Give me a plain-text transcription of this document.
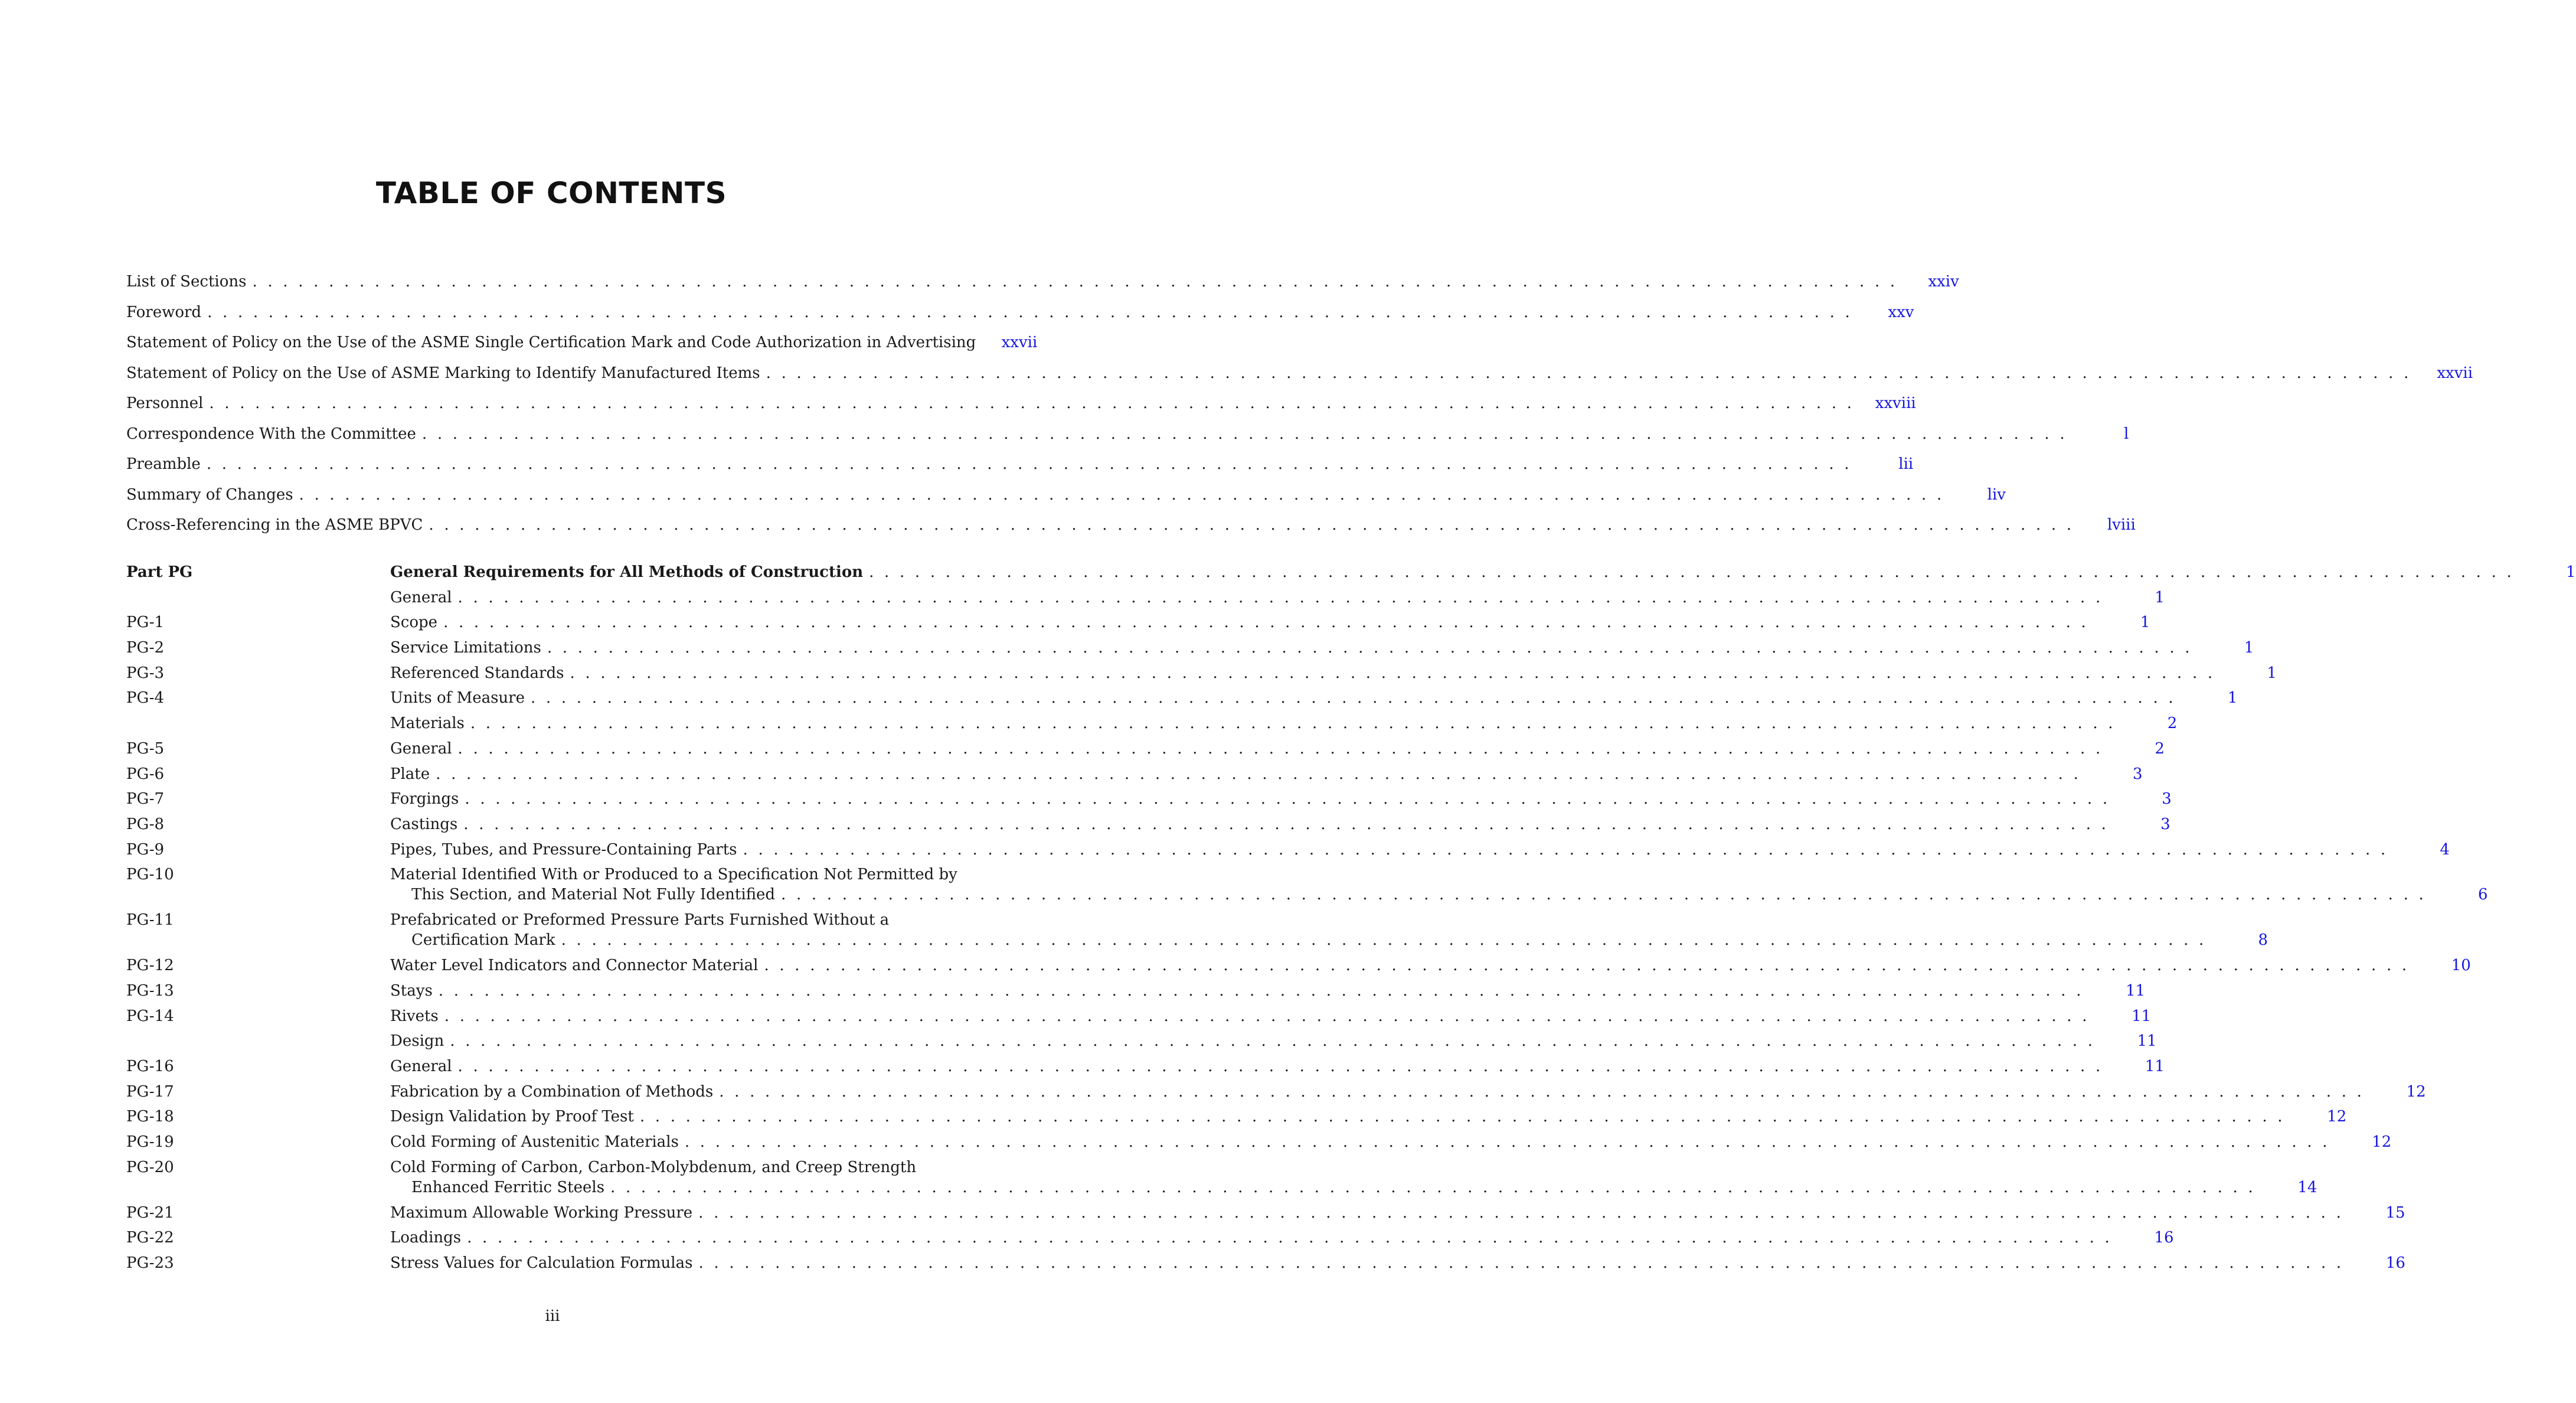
TABLE OF CONTENTS
List of Sections . . .	xxiv
Foreword . . .	xxv
Statement of Policy on the Use of the ASME Single Certification Mark and Code Authorization in Advertising	xxvii
Statement of Policy on the Use of ASME Marking to Identify Manufactured Items . . .	xxvii
Personnel . . .	xxviii
Correspondence With the Committee . . .	l
Preamble . . .	lii
Summary of Changes . . .	liv
Cross-Referencing in the ASME BPVC . . .	lviii
Part PG	General Requirements for All Methods of Construction . . .	1
General . . .	1
PG-1	Scope . . .	1
PG-2	Service Limitations . . .	1
PG-3	Referenced Standards . . .	1
PG-4	Units of Measure . . .	1
Materials . . .	2
PG-5	General . . .	2
PG-6	Plate . . .	3
PG-7	Forgings . . .	3
PG-8	Castings . . .	3
PG-9	Pipes, Tubes, and Pressure-Containing Parts . . .	4
PG-10	Material Identified With or Produced to a Specification Not Permitted by
This Section, and Material Not Fully Identified . . .	6
PG-11	Prefabricated or Preformed Pressure Parts Furnished Without a
Certification Mark . . .	8
PG-12	Water Level Indicators and Connector Material . . .	10
PG-13	Stays . . .	11
PG-14	Rivets . . .	11
Design . . .	11
PG-16	General . . .	11
PG-17	Fabrication by a Combination of Methods . . .	12
PG-18	Design Validation by Proof Test . . .	12
PG-19	Cold Forming of Austenitic Materials . . .	12
PG-20	Cold Forming of Carbon, Carbon-Molybdenum, and Creep Strength
Enhanced Ferritic Steels . . .	14
PG-21	Maximum Allowable Working Pressure . . .	15
PG-22	Loadings . . .	16
PG-23	Stress Values for Calculation Formulas . . .	16
iii
